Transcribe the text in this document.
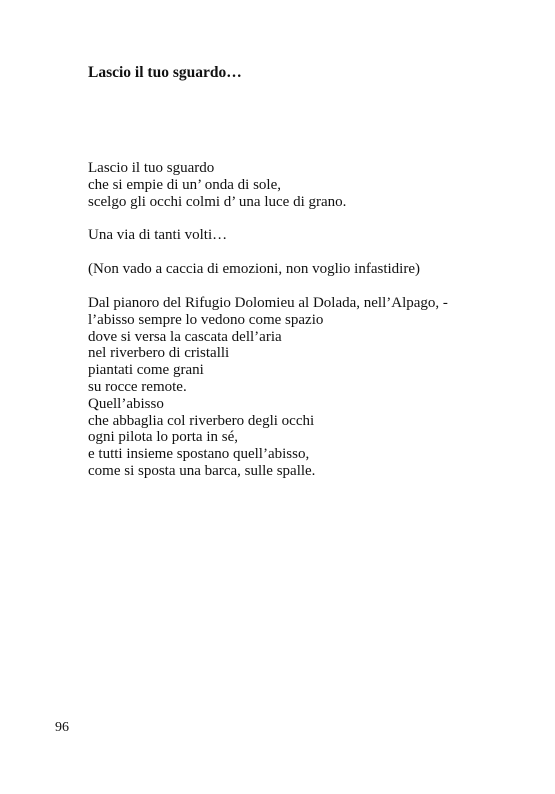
Lascio il tuo sguardo…
Lascio il tuo sguardo
che si empie di un’ onda di sole,
scelgo gli occhi colmi d’ una luce di grano.
Una via di tanti volti…
(Non vado a caccia di emozioni, non voglio infastidire)
Dal pianoro del Rifugio Dolomieu al Dolada, nell’Alpago, -
l’abisso sempre lo vedono come spazio
dove si versa la cascata dell’aria
nel riverbero di cristalli
piantati come grani
su rocce remote.
Quell’abisso
che abbaglia col riverbero degli occhi
ogni pilota lo porta in sé,
e tutti insieme spostano quell’abisso,
come si sposta una barca, sulle spalle.
96
